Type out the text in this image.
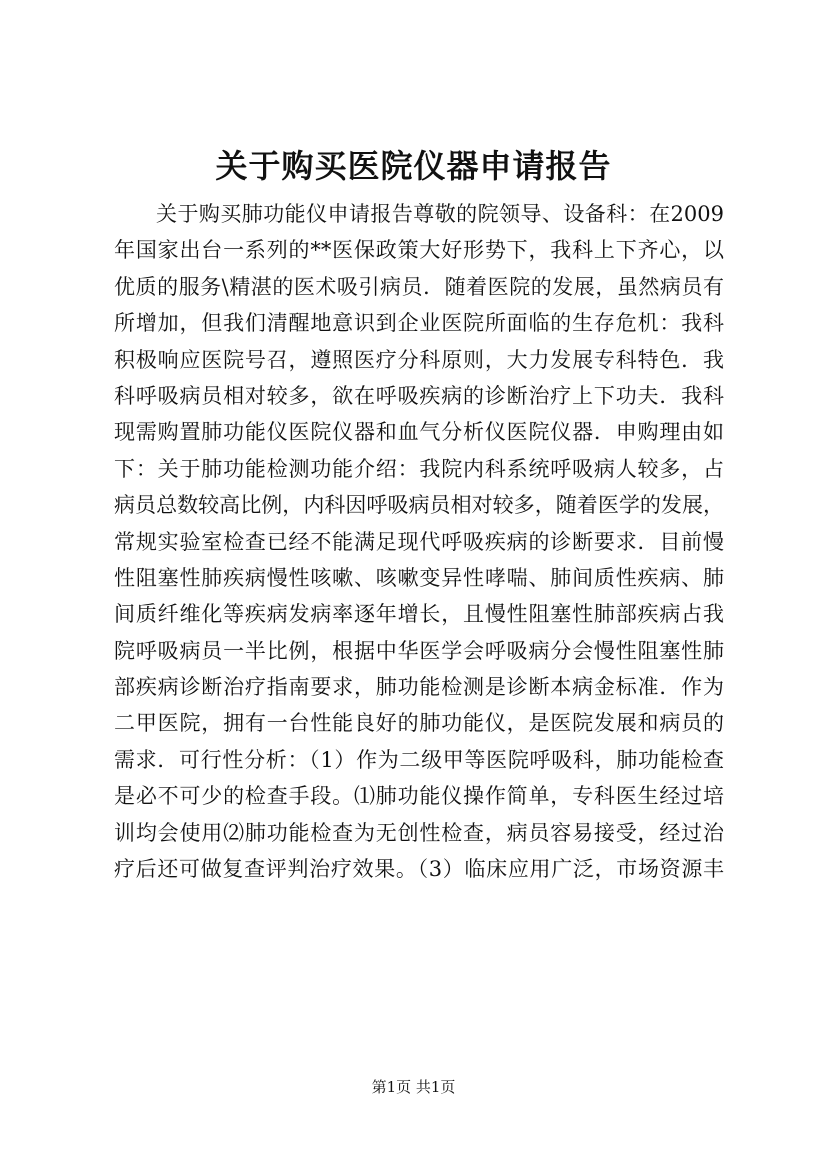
关于购买医院仪器申请报告
关于购买肺功能仪申请报告尊敬的院领导、设备科：在2009
年国家出台一系列的**医保政策大好形势下，我科上下齐心，以
优质的服务\精湛的医术吸引病员．随着医院的发展，虽然病员有
所增加，但我们清醒地意识到企业医院所面临的生存危机：我科
积极响应医院号召，遵照医疗分科原则，大力发展专科特色．我
科呼吸病员相对较多，欲在呼吸疾病的诊断治疗上下功夫．我科
现需购置肺功能仪医院仪器和血气分析仪医院仪器．申购理由如
下：关于肺功能检测功能介绍：我院内科系统呼吸病人较多，占
病员总数较高比例，内科因呼吸病员相对较多，随着医学的发展，
常规实验室检查已经不能满足现代呼吸疾病的诊断要求．目前慢
性阻塞性肺疾病慢性咳嗽、咳嗽变异性哮喘、肺间质性疾病、肺
间质纤维化等疾病发病率逐年增长，且慢性阻塞性肺部疾病占我
院呼吸病员一半比例，根据中华医学会呼吸病分会慢性阻塞性肺
部疾病诊断治疗指南要求，肺功能检测是诊断本病金标准．作为
二甲医院，拥有一台性能良好的肺功能仪，是医院发展和病员的
需求．可行性分析：（1）作为二级甲等医院呼吸科，肺功能检查
是必不可少的检查手段。⑴肺功能仪操作简单，专科医生经过培
训均会使用⑵肺功能检查为无创性检查，病员容易接受，经过治
疗后还可做复查评判治疗效果。（3）临床应用广泛，市场资源丰
第1页 共1页
